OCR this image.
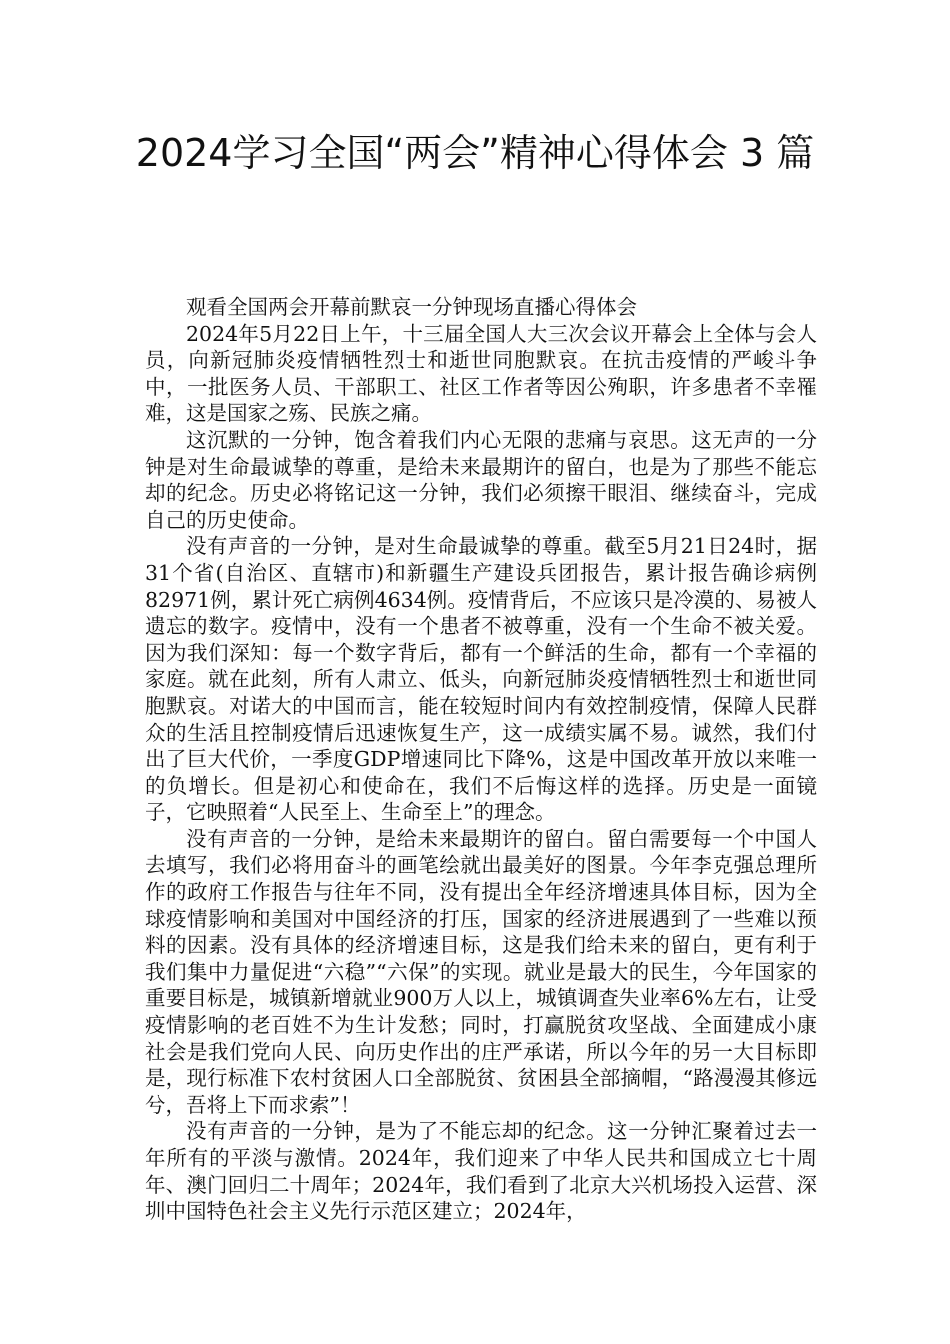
2024学习全国“两会”精神心得体会 3 篇

观看全国两会开幕前默哀一分钟现场直播心得体会

2024年5月22日上午，十三届全国人大三次会议开幕会上全体与会人员，向新冠肺炎疫情牺牲烈士和逝世同胞默哀。在抗击疫情的严峻斗争中，一批医务人员、干部职工、社区工作者等因公殉职，许多患者不幸罹难，这是国家之殇、民族之痛。

这沉默的一分钟，饱含着我们内心无限的悲痛与哀思。这无声的一分钟是对生命最诚挚的尊重，是给未来最期许的留白，也是为了那些不能忘却的纪念。历史必将铭记这一分钟，我们必须擦干眼泪、继续奋斗，完成自己的历史使命。

没有声音的一分钟，是对生命最诚挚的尊重。截至5月21日24时，据31个省(自治区、直辖市)和新疆生产建设兵团报告，累计报告确诊病例82971例，累计死亡病例4634例。疫情背后，不应该只是冷漠的、易被人遗忘的数字。疫情中，没有一个患者不被尊重，没有一个生命不被关爱。因为我们深知：每一个数字背后，都有一个鲜活的生命，都有一个幸福的家庭。就在此刻，所有人肃立、低头，向新冠肺炎疫情牺牲烈士和逝世同胞默哀。对诺大的中国而言，能在较短时间内有效控制疫情，保障人民群众的生活且控制疫情后迅速恢复生产，这一成绩实属不易。诚然，我们付出了巨大代价，一季度GDP增速同比下降%，这是中国改革开放以来唯一的负增长。但是初心和使命在，我们不后悔这样的选择。历史是一面镜子，它映照着“人民至上、生命至上”的理念。

没有声音的一分钟，是给未来最期许的留白。留白需要每一个中国人去填写，我们必将用奋斗的画笔绘就出最美好的图景。今年李克强总理所作的政府工作报告与往年不同，没有提出全年经济增速具体目标，因为全球疫情影响和美国对中国经济的打压，国家的经济进展遇到了一些难以预料的因素。没有具体的经济增速目标，这是我们给未来的留白，更有利于我们集中力量促进“六稳”“六保”的实现。就业是最大的民生，今年国家的重要目标是，城镇新增就业900万人以上，城镇调查失业率6%左右，让受疫情影响的老百姓不为生计发愁；同时，打赢脱贫攻坚战、全面建成小康社会是我们党向人民、向历史作出的庄严承诺，所以今年的另一大目标即是，现行标准下农村贫困人口全部脱贫、贫困县全部摘帽，“路漫漫其修远兮，吾将上下而求索”！

没有声音的一分钟，是为了不能忘却的纪念。这一分钟汇聚着过去一年所有的平淡与激情。2024年，我们迎来了中华人民共和国成立七十周年、澳门回归二十周年；2024年，我们看到了北京大兴机场投入运营、深圳中国特色社会主义先行示范区建立；2024年，
